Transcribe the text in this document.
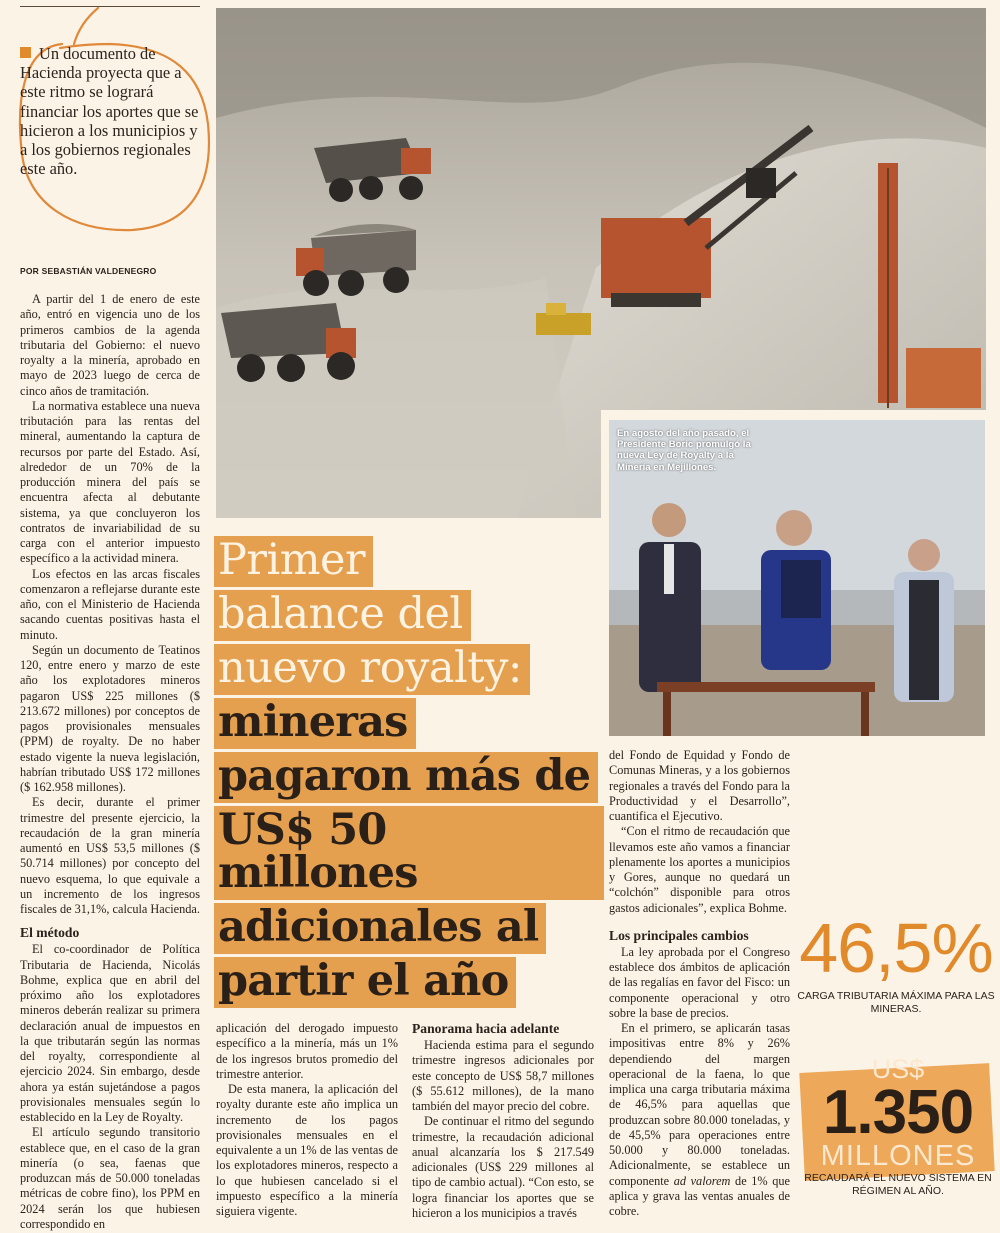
Un documento de Hacienda proyecta que a este ritmo se logrará financiar los aportes que se hicieron a los municipios y a los gobiernos regionales este año.
POR SEBASTIÁN VALDENEGRO

A partir del 1 de enero de este año, entró en vigencia uno de los primeros cambios de la agenda tributaria del Gobierno: el nuevo royalty a la minería, aprobado en mayo de 2023 luego de cerca de cinco años de tramitación.

La normativa establece una nueva tributación para las rentas del mineral, aumentando la captura de recursos por parte del Estado. Así, alrededor de un 70% de la producción minera del país se encuentra afecta al debutante sistema, ya que concluyeron los contratos de invariabilidad de su carga con el anterior impuesto específico a la actividad minera.

Los efectos en las arcas fiscales comenzaron a reflejarse durante este año, con el Ministerio de Hacienda sacando cuentas positivas hasta el minuto.

Según un documento de Teatinos 120, entre enero y marzo de este año los explotadores mineros pagaron US$ 225 millones ($ 213.672 millones) por conceptos de pagos provisionales mensuales (PPM) de royalty. De no haber estado vigente la nueva legislación, habrían tributado US$ 172 millones ($ 162.958 millones).

Es decir, durante el primer trimestre del presente ejercicio, la recaudación de la gran minería aumentó en US$ 53,5 millones ($ 50.714 millones) por concepto del nuevo esquema, lo que equivale a un incremento de los ingresos fiscales de 31,1%, calcula Hacienda.

El método

El co-coordinador de Política Tributaria de Hacienda, Nicolás Bohme, explica que en abril del próximo año los explotadores mineros deberán realizar su primera declaración anual de impuestos en la que tributarán según las normas del royalty, correspondiente al ejercicio 2024. Sin embargo, desde ahora ya están sujetándose a pagos provisionales mensuales según lo establecido en la Ley de Royalty.

El artículo segundo transitorio establece que, en el caso de la gran minería (o sea, faenas que produzcan más de 50.000 toneladas métricas de cobre fino), los PPM en 2024 serán los que hubiesen correspondido en

En agosto del año pasado, el Presidente Boric promulgó la nueva Ley de Royalty a la Minería en Mejillones.
Primer
balance del
nuevo royalty:
mineras
pagaron más de
US$ 50 millones
adicionales al
partir el año

aplicación del derogado impuesto específico a la minería, más un 1% de los ingresos brutos promedio del trimestre anterior.

De esta manera, la aplicación del royalty durante este año implica un incremento de los pagos provisionales mensuales en el equivalente a un 1% de las ventas de los explotadores mineros, respecto a lo que hubiesen cancelado si el impuesto específico a la minería siguiera vigente.

Panorama hacia adelante

Hacienda estima para el segundo trimestre ingresos adicionales por este concepto de US$ 58,7 millones ($ 55.612 millones), de la mano también del mayor precio del cobre.

De continuar el ritmo del segundo trimestre, la recaudación adicional anual alcanzaría los $ 217.549 adicionales (US$ 229 millones al tipo de cambio actual). “Con esto, se logra financiar los aportes que se hicieron a los municipios a través

del Fondo de Equidad y Fondo de Comunas Mineras, y a los gobiernos regionales a través del Fondo para la Productividad y el Desarrollo”, cuantifica el Ejecutivo.

“Con el ritmo de recaudación que llevamos este año vamos a financiar plenamente los aportes a municipios y Gores, aunque no quedará un “colchón” disponible para otros gastos adicionales”, explica Bohme.

Los principales cambios

La ley aprobada por el Congreso establece dos ámbitos de aplicación de las regalías en favor del Fisco: un componente operacional y otro sobre la base de precios.

En el primero, se aplicarán tasas impositivas entre 8% y 26% dependiendo del margen operacional de la faena, lo que implica una carga tributaria máxima de 46,5% para aquellas que produzcan sobre 80.000 toneladas, y de 45,5% para operaciones entre 50.000 y 80.000 toneladas. Adicionalmente, se establece un componente ad valorem de 1% que aplica y grava las ventas anuales de cobre.

46,5%
CARGA TRIBUTARIA MÁXIMA PARA LAS MINERAS.
US$
1.350
MILLONES
RECAUDARÁ EL NUEVO SISTEMA EN RÉGIMEN AL AÑO.
